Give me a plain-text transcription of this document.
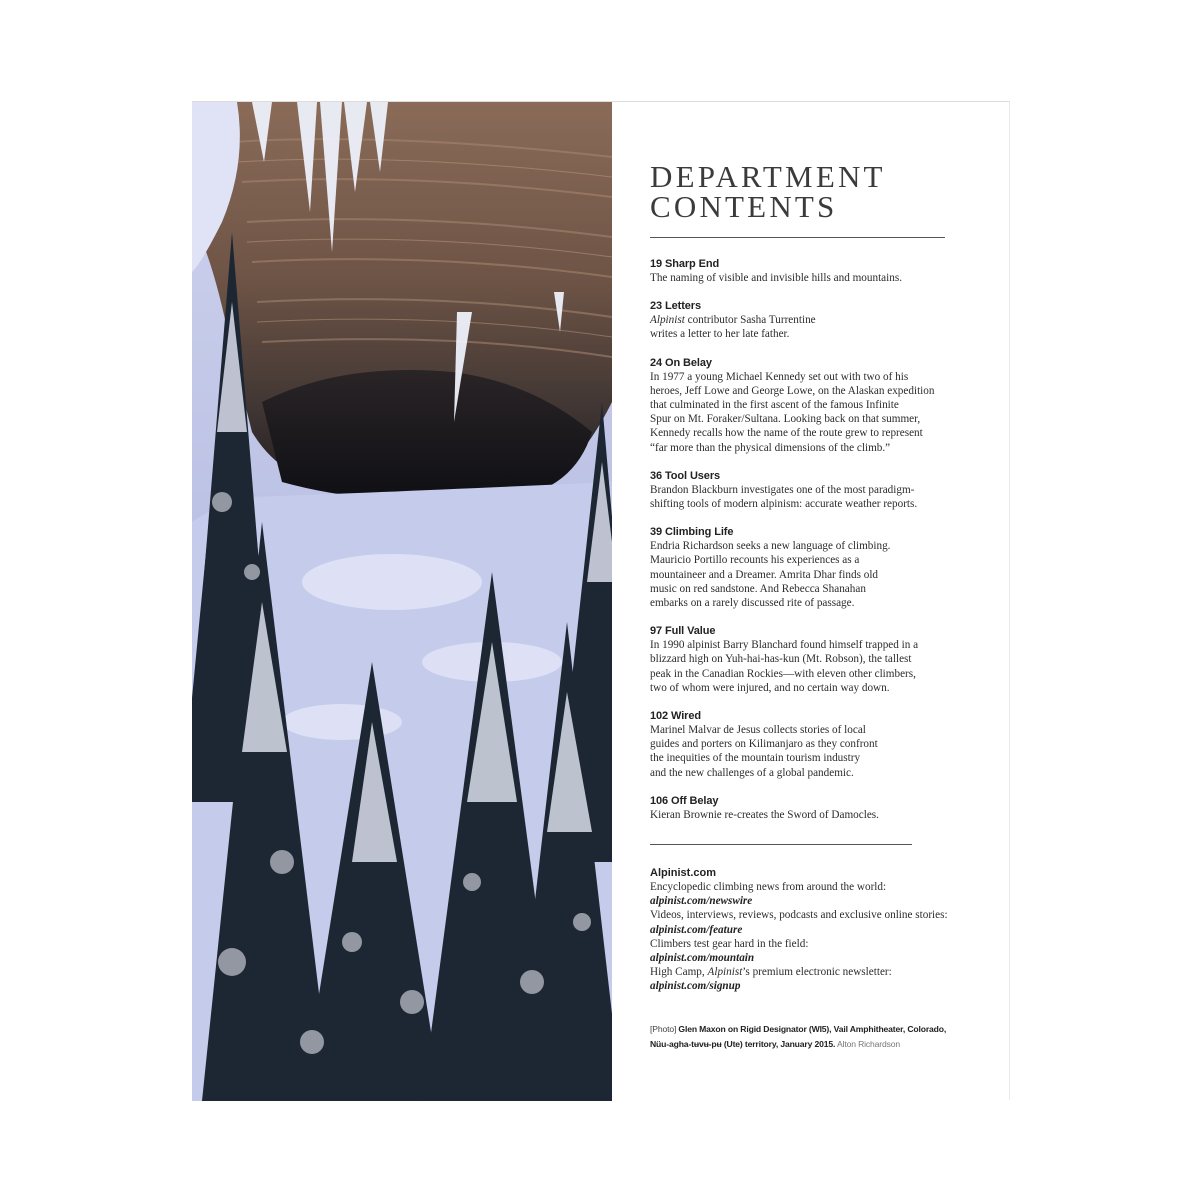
DEPARTMENT
CONTENTS
19 Sharp End
The naming of visible and invisible hills and mountains.
23 Letters
Alpinist contributor Sasha Turrentine
writes a letter to her late father.
24 On Belay
In 1977 a young Michael Kennedy set out with two of his
heroes, Jeff Lowe and George Lowe, on the Alaskan expedition
that culminated in the first ascent of the famous Infinite
Spur on Mt. Foraker/Sultana. Looking back on that summer,
Kennedy recalls how the name of the route grew to represent
“far more than the physical dimensions of the climb.”
36 Tool Users
Brandon Blackburn investigates one of the most paradigm-
shifting tools of modern alpinism: accurate weather reports.
39 Climbing Life
Endria Richardson seeks a new language of climbing.
Mauricio Portillo recounts his experiences as a
mountaineer and a Dreamer. Amrita Dhar finds old
music on red sandstone. And Rebecca Shanahan
embarks on a rarely discussed rite of passage.
97 Full Value
In 1990 alpinist Barry Blanchard found himself trapped in a
blizzard high on Yuh-hai-has-kun (Mt. Robson), the tallest
peak in the Canadian Rockies—with eleven other climbers,
two of whom were injured, and no certain way down.
102 Wired
Marinel Malvar de Jesus collects stories of local
guides and porters on Kilimanjaro as they confront
the inequities of the mountain tourism industry
and the new challenges of a global pandemic.
106 Off Belay
Kieran Brownie re-creates the Sword of Damocles.
Alpinist.com
Encyclopedic climbing news from around the world:
alpinist.com/newswire
Videos, interviews, reviews, podcasts and exclusive online stories:
alpinist.com/feature
Climbers test gear hard in the field:
alpinist.com/mountain
High Camp, Alpinist’s premium electronic newsletter:
alpinist.com/signup
[Photo] Glen Maxon on Rigid Designator (WI5), Vail Amphitheater, Colorado,
Nüu-agha-tʉvʉ-pʉ (Ute) territory, January 2015. Alton Richardson
